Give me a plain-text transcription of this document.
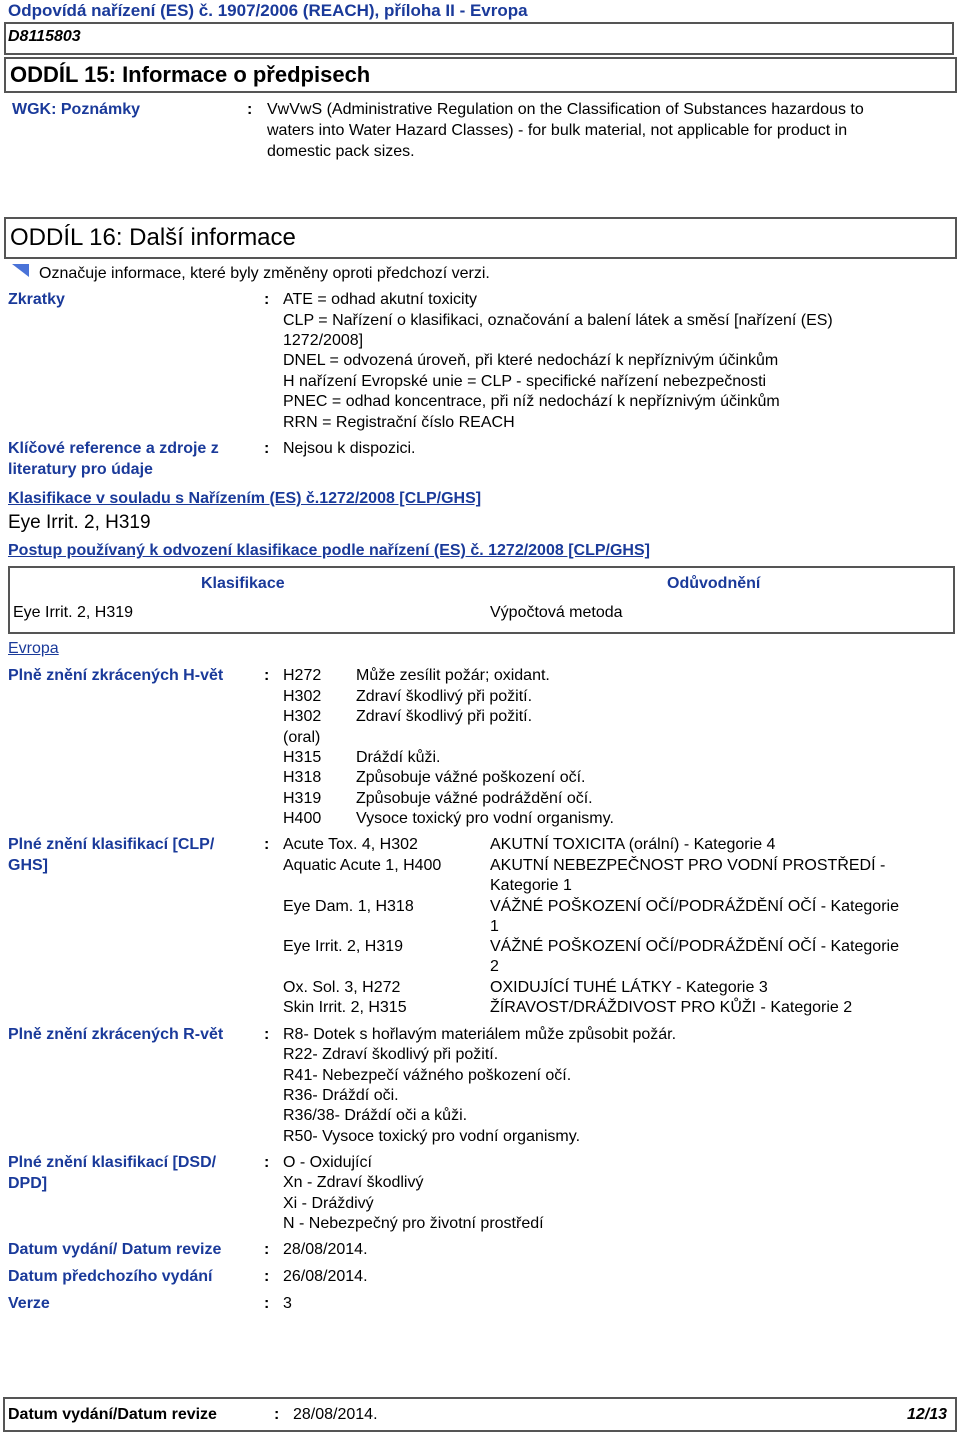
Odpovídá nařízení (ES) č. 1907/2006 (REACH), příloha II - Evropa
D8115803
ODDÍL 15: Informace o předpisech
WGK: Poznámky	: VwVwS (Administrative Regulation on the Classification of Substances hazardous to
waters into Water Hazard Classes) - for bulk material, not applicable for product in
domestic pack sizes.
ODDÍL 16: Další informace
Označuje informace, které byly změněny oproti předchozí verzi.
Zkratky	: ATE = odhad akutní toxicity
CLP = Nařízení o klasifikaci, označování a balení látek a směsí [nařízení (ES)
1272/2008]
DNEL = odvozená úroveň, při které nedochází k nepříznivým účinkům
H nařízení Evropské unie = CLP - specifické nařízení nebezpečnosti
PNEC = odhad koncentrace, při níž nedochází k nepříznivým účinkům
RRN = Registrační číslo REACH
Klíčové reference a zdroje z
literatury pro údaje
: Nejsou k dispozici.
Klasifikace v souladu s Nařízením (ES) č.1272/2008 [CLP/GHS]
Eye Irrit. 2, H319
Postup používaný k odvození klasifikace podle nařízení (ES) č. 1272/2008 [CLP/GHS]
Klasifikace	Odůvodnění
Eye Irrit. 2, H319	Výpočtová metoda
Evropa
Plně znění zkrácených H-vět	: H272 Může zesílit požár; oxidant.
H302 Zdraví škodlivý při požití.
H302 Zdraví škodlivý při požití.
(oral)
H315 Dráždí kůži.
H318 Způsobuje vážné poškození očí.
H319 Způsobuje vážné podráždění očí.
H400 Vysoce toxický pro vodní organismy.
Plné znění klasifikací [CLP/
GHS]
: Acute Tox. 4, H302	AKUTNÍ TOXICITA (orální) - Kategorie 4
Aquatic Acute 1, H400	AKUTNÍ NEBEZPEČNOST PRO VODNÍ PROSTŘEDÍ -
Kategorie 1
Eye Dam. 1, H318	VÁŽNÉ POŠKOZENÍ OČÍ/PODRÁŽDĚNÍ OČÍ - Kategorie
1
Eye Irrit. 2, H319	VÁŽNÉ POŠKOZENÍ OČÍ/PODRÁŽDĚNÍ OČÍ - Kategorie
2
Ox. Sol. 3, H272	OXIDUJÍCÍ TUHÉ LÁTKY - Kategorie 3
Skin Irrit. 2, H315	ŽÍRAVOST/DRÁŽDIVOST PRO KŮŽI - Kategorie 2
Plně znění zkrácených R-vět	: R8- Dotek s hořlavým materiálem může způsobit požár.
R22- Zdraví škodlivý při požití.
R41- Nebezpečí vážného poškození očí.
R36- Dráždí oči.
R36/38- Dráždí oči a kůži.
R50- Vysoce toxický pro vodní organismy.
Plné znění klasifikací [DSD/
DPD]
: O - Oxidující
Xn - Zdraví škodlivý
Xi - Dráždivý
N - Nebezpečný pro životní prostředí
Datum vydání/ Datum revize	: 28/08/2014.
Datum předchozího vydání	: 26/08/2014.
Verze	: 3
Datum vydání/Datum revize	: 28/08/2014.	12/13
